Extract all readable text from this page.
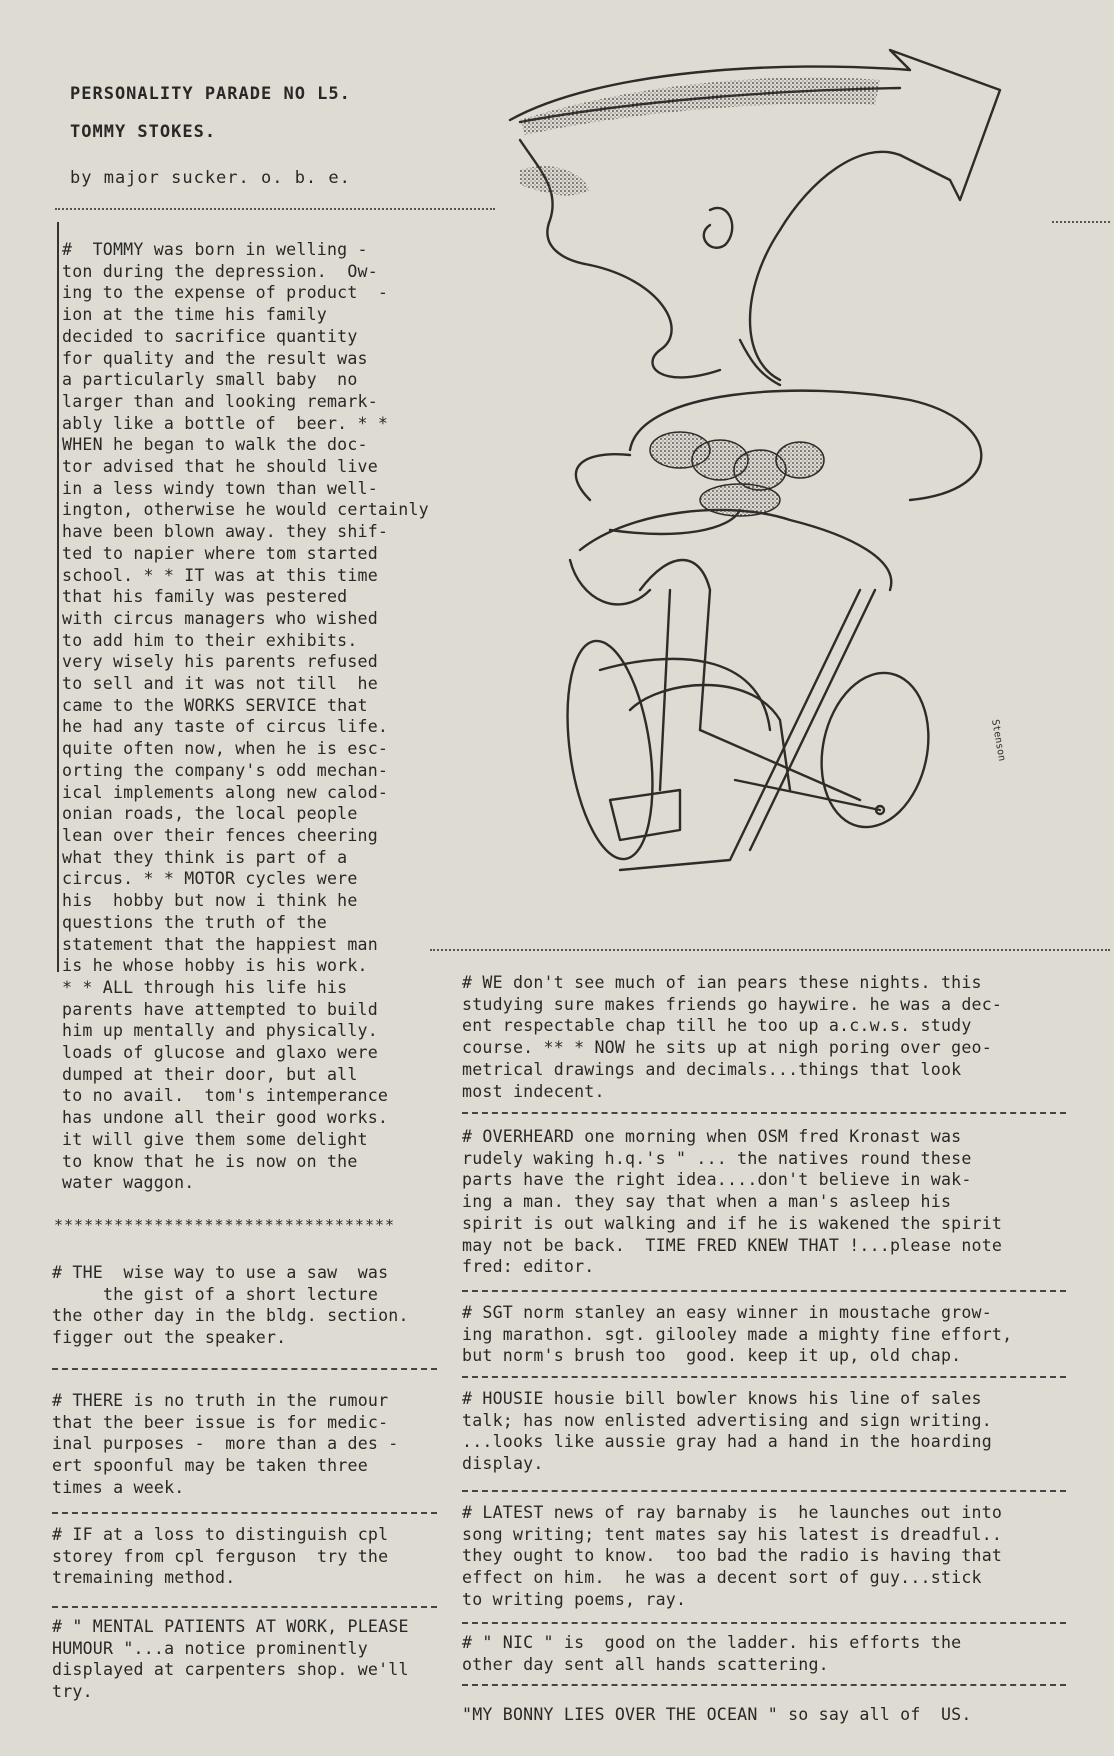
PERSONALITY PARADE NO L5.
TOMMY STOKES.
by major sucker. o. b. e.
#  TOMMY was born in welling -
ton during the depression.  Ow-
ing to the expense of product  -
ion at the time his family
decided to sacrifice quantity
for quality and the result was
a particularly small baby  no
larger than and looking remark-
ably like a bottle of  beer. * *
WHEN he began to walk the doc-
tor advised that he should live
in a less windy town than well-
ington, otherwise he would certainly
have been blown away. they shif-
ted to napier where tom started
school. * * IT was at this time
that his family was pestered
with circus managers who wished
to add him to their exhibits.
very wisely his parents refused
to sell and it was not till  he
came to the WORKS SERVICE that
he had any taste of circus life.
quite often now, when he is esc-
orting the company's odd mechan-
ical implements along new calod-
onian roads, the local people
lean over their fences cheering
what they think is part of a
circus. * * MOTOR cycles were
his  hobby but now i think he
questions the truth of the
statement that the happiest man
is he whose hobby is his work.
* * ALL through his life his
parents have attempted to build
him up mentally and physically.
loads of glucose and glaxo were
dumped at their door, but all
to no avail.  tom's intemperance
has undone all their good works.
it will give them some delight
to know that he is now on the
water waggon.
**********************************
# THE  wise way to use a saw  was
the gist of a short lecture
the other day in the bldg. section.
figger out the speaker.
# THERE is no truth in the rumour
that the beer issue is for medic-
inal purposes -  more than a des -
ert spoonful may be taken three
times a week.
# IF at a loss to distinguish cpl
storey from cpl ferguson  try the
tremaining method.
# " MENTAL PATIENTS AT WORK, PLEASE
HUMOUR "...a notice prominently
displayed at carpenters shop. we'll
try.
# WE don't see much of ian pears these nights. this
studying sure makes friends go haywire. he was a dec-
ent respectable chap till he too up a.c.w.s. study
course. ** * NOW he sits up at nigh poring over geo-
metrical drawings and decimals...things that look
most indecent.
# OVERHEARD one morning when OSM fred Kronast was
rudely waking h.q.'s " ... the natives round these
parts have the right idea....don't believe in wak-
ing a man. they say that when a man's asleep his
spirit is out walking and if he is wakened the spirit
may not be back.  TIME FRED KNEW THAT !...please note
fred: editor.
# SGT norm stanley an easy winner in moustache grow-
ing marathon. sgt. gilooley made a mighty fine effort,
but norm's brush too  good. keep it up, old chap.
# HOUSIE housie bill bowler knows his line of sales
talk; has now enlisted advertising and sign writing.
...looks like aussie gray had a hand in the hoarding
display.
# LATEST news of ray barnaby is  he launches out into
song writing; tent mates say his latest is dreadful..
they ought to know.  too bad the radio is having that
effect on him.  he was a decent sort of guy...stick
to writing poems, ray.
# " NIC " is  good on the ladder. his efforts the
other day sent all hands scattering.
"MY BONNY LIES OVER THE OCEAN " so say all of  US.
Stenson
